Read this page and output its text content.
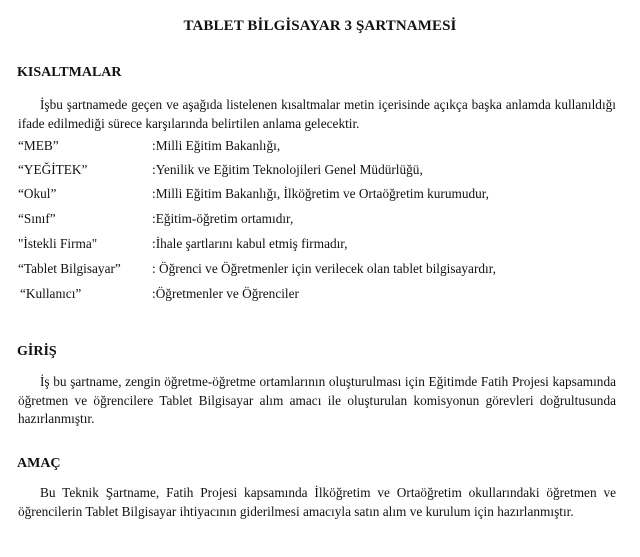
TABLET BİLGİSAYAR 3 ŞARTNAMESİ
KISALTMALAR
İşbu şartnamede geçen ve aşağıda listelenen kısaltmalar metin içerisinde açıkça başka anlamda kullanıldığı ifade edilmediği sürece karşılarında belirtilen anlama gelecektir.
“MEB”	:Milli Eğitim Bakanlığı,
“YEĞİTEK”	:Yenilik ve Eğitim Teknolojileri Genel Müdürlüğü,
“Okul”	:Milli Eğitim Bakanlığı, İlköğretim ve Ortaöğretim kurumudur,
“Sınıf”	:Eğitim-öğretim ortamıdır,
"İstekli Firma"	:İhale şartlarını kabul etmiş firmadır,
“Tablet Bilgisayar” : Öğrenci ve Öğretmenler için verilecek olan tablet bilgisayardır,
“Kullanıcı”	:Öğretmenler ve Öğrenciler
GİRİŞ
İş bu şartname, zengin öğretme-öğretme ortamlarının oluşturulması için Eğitimde Fatih Projesi kapsamında öğretmen ve öğrencilere Tablet Bilgisayar alım amacı ile oluşturulan komisyonun görevleri doğrultusunda hazırlanmıştır.
AMAÇ
Bu Teknik Şartname, Fatih Projesi kapsamında İlköğretim ve Ortaöğretim okullarındaki öğretmen ve öğrencilerin Tablet Bilgisayar ihtiyacının giderilmesi amacıyla satın alım ve kurulum için hazırlanmıştır.
